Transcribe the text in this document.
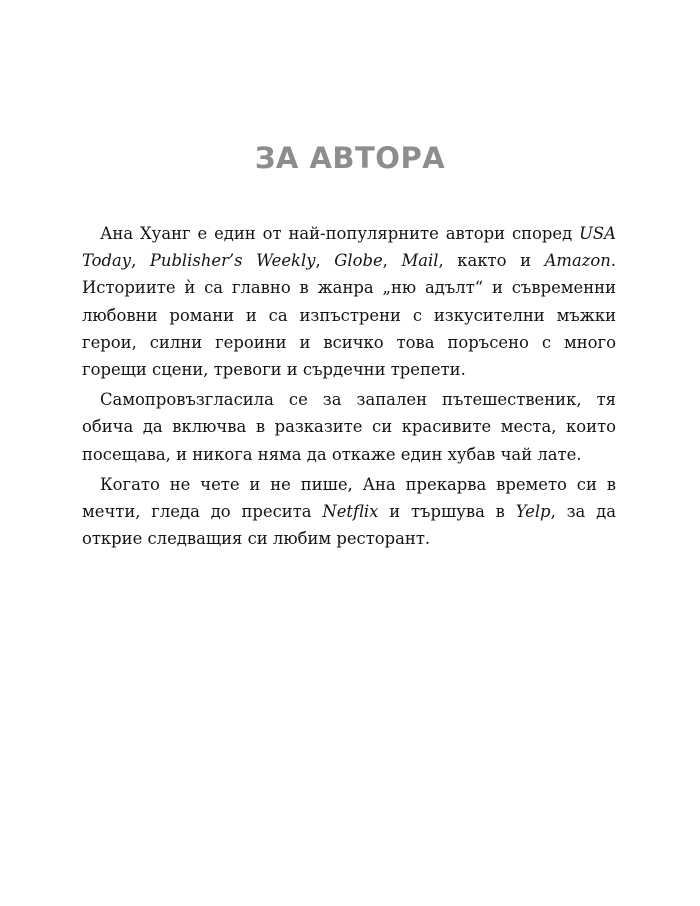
ЗА АВТОРА

Ана Хуанг е един от най-популярните автори според USA Today, Publisher’s Weekly, Globe, Mail, както и Amazon. Историите ѝ са главно в жанра „ню адълт“ и съвременни любовни романи и са изпъстрени с изкусителни мъжки герои, силни героини и всичко това поръсено с много горещи сцени, тревоги и сърдечни трепети.

Самопровъзгласила се за запален пътешественик, тя обича да включва в разказите си красивите места, които посещава, и никога няма да откаже един хубав чай лате.

Когато не чете и не пише, Ана прекарва времето си в мечти, гледа до пресита Netflix и тършува в Yelp, за да открие следващия си любим ресторант.
